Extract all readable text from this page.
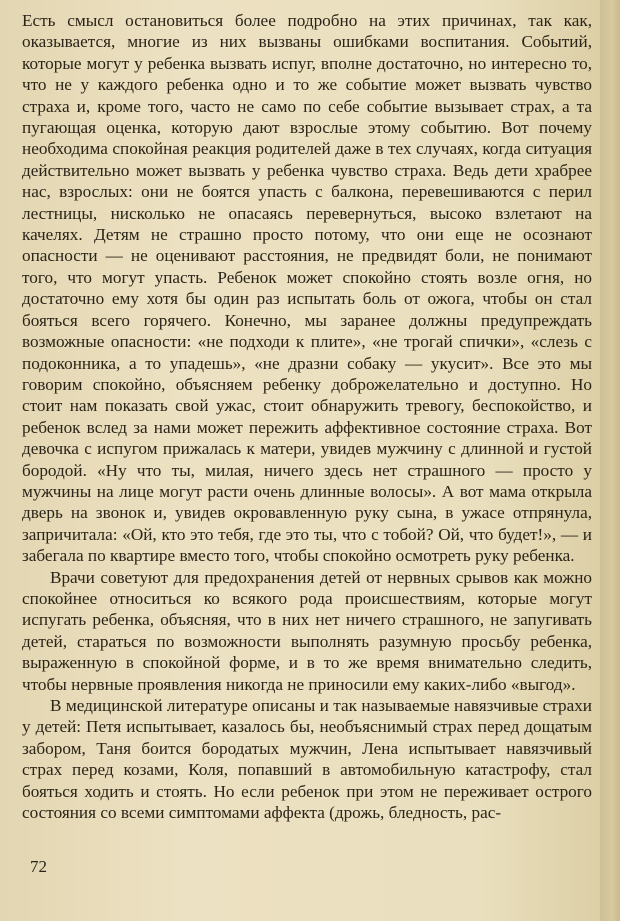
Есть смысл остановиться более подробно на этих причинах, так как, оказывается, многие из них вызваны ошибками воспитания. Событий, которые могут у ребенка вызвать испуг, вполне достаточно, но интересно то, что не у каждого ребенка одно и то же событие может вызвать чувство страха и, кроме того, часто не само по себе событие вызывает страх, а та пугающая оценка, которую дают взрослые этому событию. Вот почему необходима спокойная реакция родителей даже в тех случаях, когда ситуация действительно может вызвать у ребенка чувство страха. Ведь дети храбрее нас, взрослых: они не боятся упасть с балкона, перевешиваются с перил лестницы, нисколько не опасаясь перевернуться, высоко взлетают на качелях. Детям не страшно просто потому, что они еще не осознают опасности — не оценивают расстояния, не предвидят боли, не понимают того, что могут упасть. Ребенок может спокойно стоять возле огня, но достаточно ему хотя бы один раз испытать боль от ожога, чтобы он стал бояться всего горячего. Конечно, мы заранее должны предупреждать возможные опасности: «не подходи к плите», «не трогай спички», «слезь с подоконника, а то упадешь», «не дразни собаку — укусит». Все это мы говорим спокойно, объясняем ребенку доброжелательно и доступно. Но стоит нам показать свой ужас, стоит обнаружить тревогу, беспокойство, и ребенок вслед за нами может пережить аффективное состояние страха. Вот девочка с испугом прижалась к матери, увидев мужчину с длинной и густой бородой. «Ну что ты, милая, ничего здесь нет страшного — просто у мужчины на лице могут расти очень длинные волосы». А вот мама открыла дверь на звонок и, увидев окровавленную руку сына, в ужасе отпрянула, запричитала: «Ой, кто это тебя, где это ты, что с тобой? Ой, что будет!», — и забегала по квартире вместо того, чтобы спокойно осмотреть руку ребенка.

Врачи советуют для предохранения детей от нервных срывов как можно спокойнее относиться ко всякого рода происшествиям, которые могут испугать ребенка, объясняя, что в них нет ничего страшного, не запугивать детей, стараться по возможности выполнять разумную просьбу ребенка, выраженную в спокойной форме, и в то же время внимательно следить, чтобы нервные проявления никогда не приносили ему каких-либо «выгод».

В медицинской литературе описаны и так называемые навязчивые страхи у детей: Петя испытывает, казалось бы, необъяснимый страх перед дощатым забором, Таня боится бородатых мужчин, Лена испытывает навязчивый страх перед козами, Коля, попавший в автомобильную катастрофу, стал бояться ходить и стоять. Но если ребенок при этом не переживает острого состояния со всеми симптомами аффекта (дрожь, бледность, рас-

72
